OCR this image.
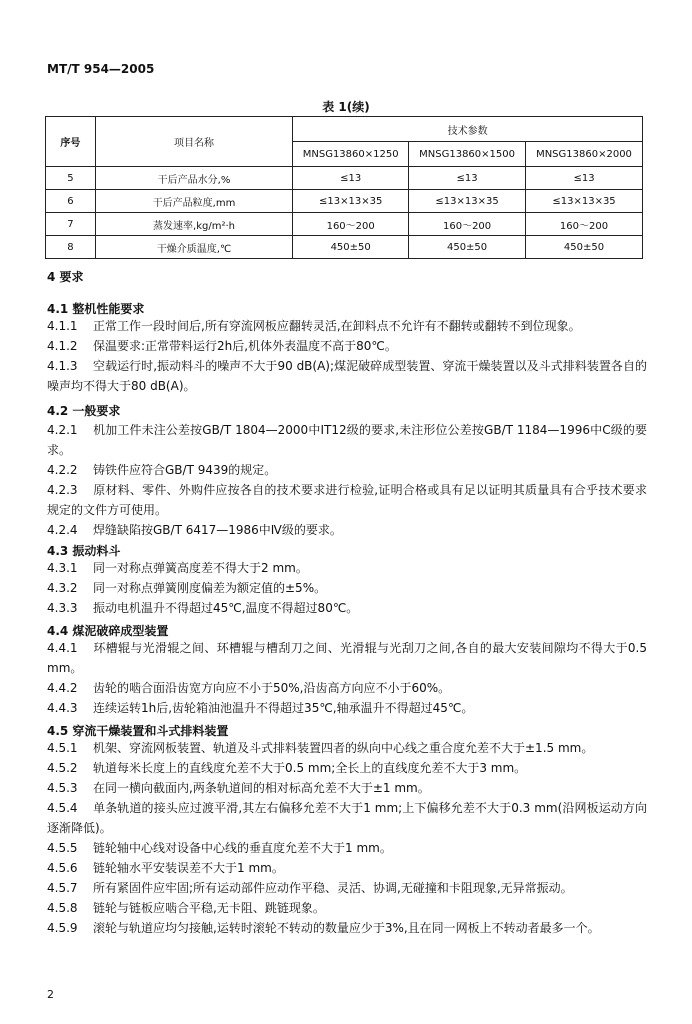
MT/T 954—2005
表 1(续)
序号	项目名称	技术参数		
		MNSG13860×1250	MNSG13860×1500	MNSG13860×2000
5	干后产品水分,%	≤13	≤13	≤13
6	干后产品粒度,mm	≤13×13×35	≤13×13×35	≤13×13×35
7	蒸发速率,kg/m²·h	160～200	160～200	160～200
8	干燥介质温度,℃	450±50	450±50	450±50
4 要求
4.1 整机性能要求
4.1.1 正常工作一段时间后,所有穿流网板应翻转灵活,在卸料点不允许有不翻转或翻转不到位现象。
4.1.2 保温要求:正常带料运行2h后,机体外表温度不高于80℃。
4.1.3 空载运行时,振动料斗的噪声不大于90 dB(A);煤泥破碎成型装置、穿流干燥装置以及斗式排料装置各自的噪声均不得大于80 dB(A)。
4.2 一般要求
4.2.1 机加工件未注公差按GB/T 1804—2000中IT12级的要求,未注形位公差按GB/T 1184—1996中C级的要求。
4.2.2 铸铁件应符合GB/T 9439的规定。
4.2.3 原材料、零件、外购件应按各自的技术要求进行检验,证明合格或具有足以证明其质量具有合乎技术要求规定的文件方可使用。
4.2.4 焊缝缺陷按GB/T 6417—1986中Ⅳ级的要求。
4.3 振动料斗
4.3.1 同一对称点弹簧高度差不得大于2 mm。
4.3.2 同一对称点弹簧刚度偏差为额定值的±5%。
4.3.3 振动电机温升不得超过45℃,温度不得超过80℃。
4.4 煤泥破碎成型装置
4.4.1 环槽辊与光滑辊之间、环槽辊与槽刮刀之间、光滑辊与光刮刀之间,各自的最大安装间隙均不得大于0.5 mm。
4.4.2 齿轮的啮合面沿齿宽方向应不小于50%,沿齿高方向应不小于60%。
4.4.3 连续运转1h后,齿轮箱油池温升不得超过35℃,轴承温升不得超过45℃。
4.5 穿流干燥装置和斗式排料装置
4.5.1 机架、穿流网板装置、轨道及斗式排料装置四者的纵向中心线之重合度允差不大于±1.5 mm。
4.5.2 轨道每米长度上的直线度允差不大于0.5 mm;全长上的直线度允差不大于3 mm。
4.5.3 在同一横向截面内,两条轨道间的相对标高允差不大于±1 mm。
4.5.4 单条轨道的接头应过渡平滑,其左右偏移允差不大于1 mm;上下偏移允差不大于0.3 mm(沿网板运动方向逐渐降低)。
4.5.5 链轮轴中心线对设备中心线的垂直度允差不大于1 mm。
4.5.6 链轮轴水平安装误差不大于1 mm。
4.5.7 所有紧固件应牢固;所有运动部件应动作平稳、灵活、协调,无碰撞和卡阻现象,无异常振动。
4.5.8 链轮与链板应啮合平稳,无卡阻、跳链现象。
4.5.9 滚轮与轨道应均匀接触,运转时滚轮不转动的数量应少于3%,且在同一网板上不转动者最多一个。
2
